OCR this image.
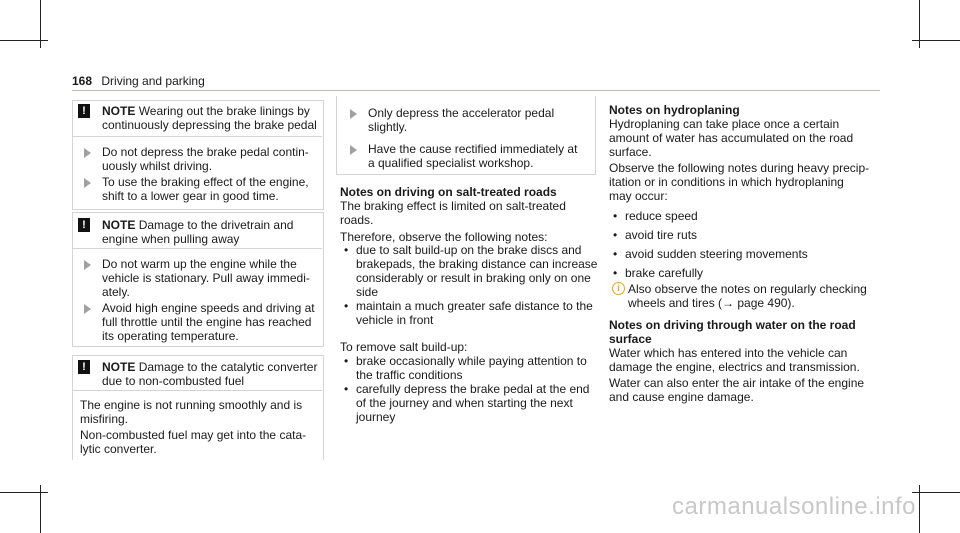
168 Driving and parking
!	NOTE Wearing out the brake linings by
continuously depressing the brake pedal
Do not depress the brake pedal contin-
uously whilst driving.
To use the braking effect of the engine,
shift to a lower gear in good time.
!	NOTE Damage to the drivetrain and
engine when pulling away
Do not warm up the engine while the
vehicle is stationary. Pull away immedi-
ately.
Avoid high engine speeds and driving at
full throttle until the engine has reached
its operating temperature.
!	NOTE Damage to the catalytic converter
due to non-combusted fuel
The engine is not running smoothly and is
misfiring.
Non-combusted fuel may get into the cata-
lytic converter.
Only depress the accelerator pedal
slightly.
Have the cause rectified immediately at
a qualified specialist workshop.
Notes on driving on salt-treated roads
The braking effect is limited on salt-treated
roads.
Therefore, observe the following notes:
• due to salt build-up on the brake discs and
brakepads, the braking distance can increase
considerably or result in braking only on one
side
• maintain a much greater safe distance to the
vehicle in front
To remove salt build-up:
• brake occasionally while paying attention to
the traffic conditions
• carefully depress the brake pedal at the end
of the journey and when starting the next
journey
Notes on hydroplaning
Hydroplaning can take place once a certain
amount of water has accumulated on the road
surface.
Observe the following notes during heavy precip-
itation or in conditions in which hydroplaning
may occur:
• reduce speed
• avoid tire ruts
• avoid sudden steering movements
• brake carefully
i Also observe the notes on regularly checking
wheels and tires (→ page 490).
Notes on driving through water on the road
surface
Water which has entered into the vehicle can
damage the engine, electrics and transmission.
Water can also enter the air intake of the engine
and cause engine damage.
carmanualsonline.info
